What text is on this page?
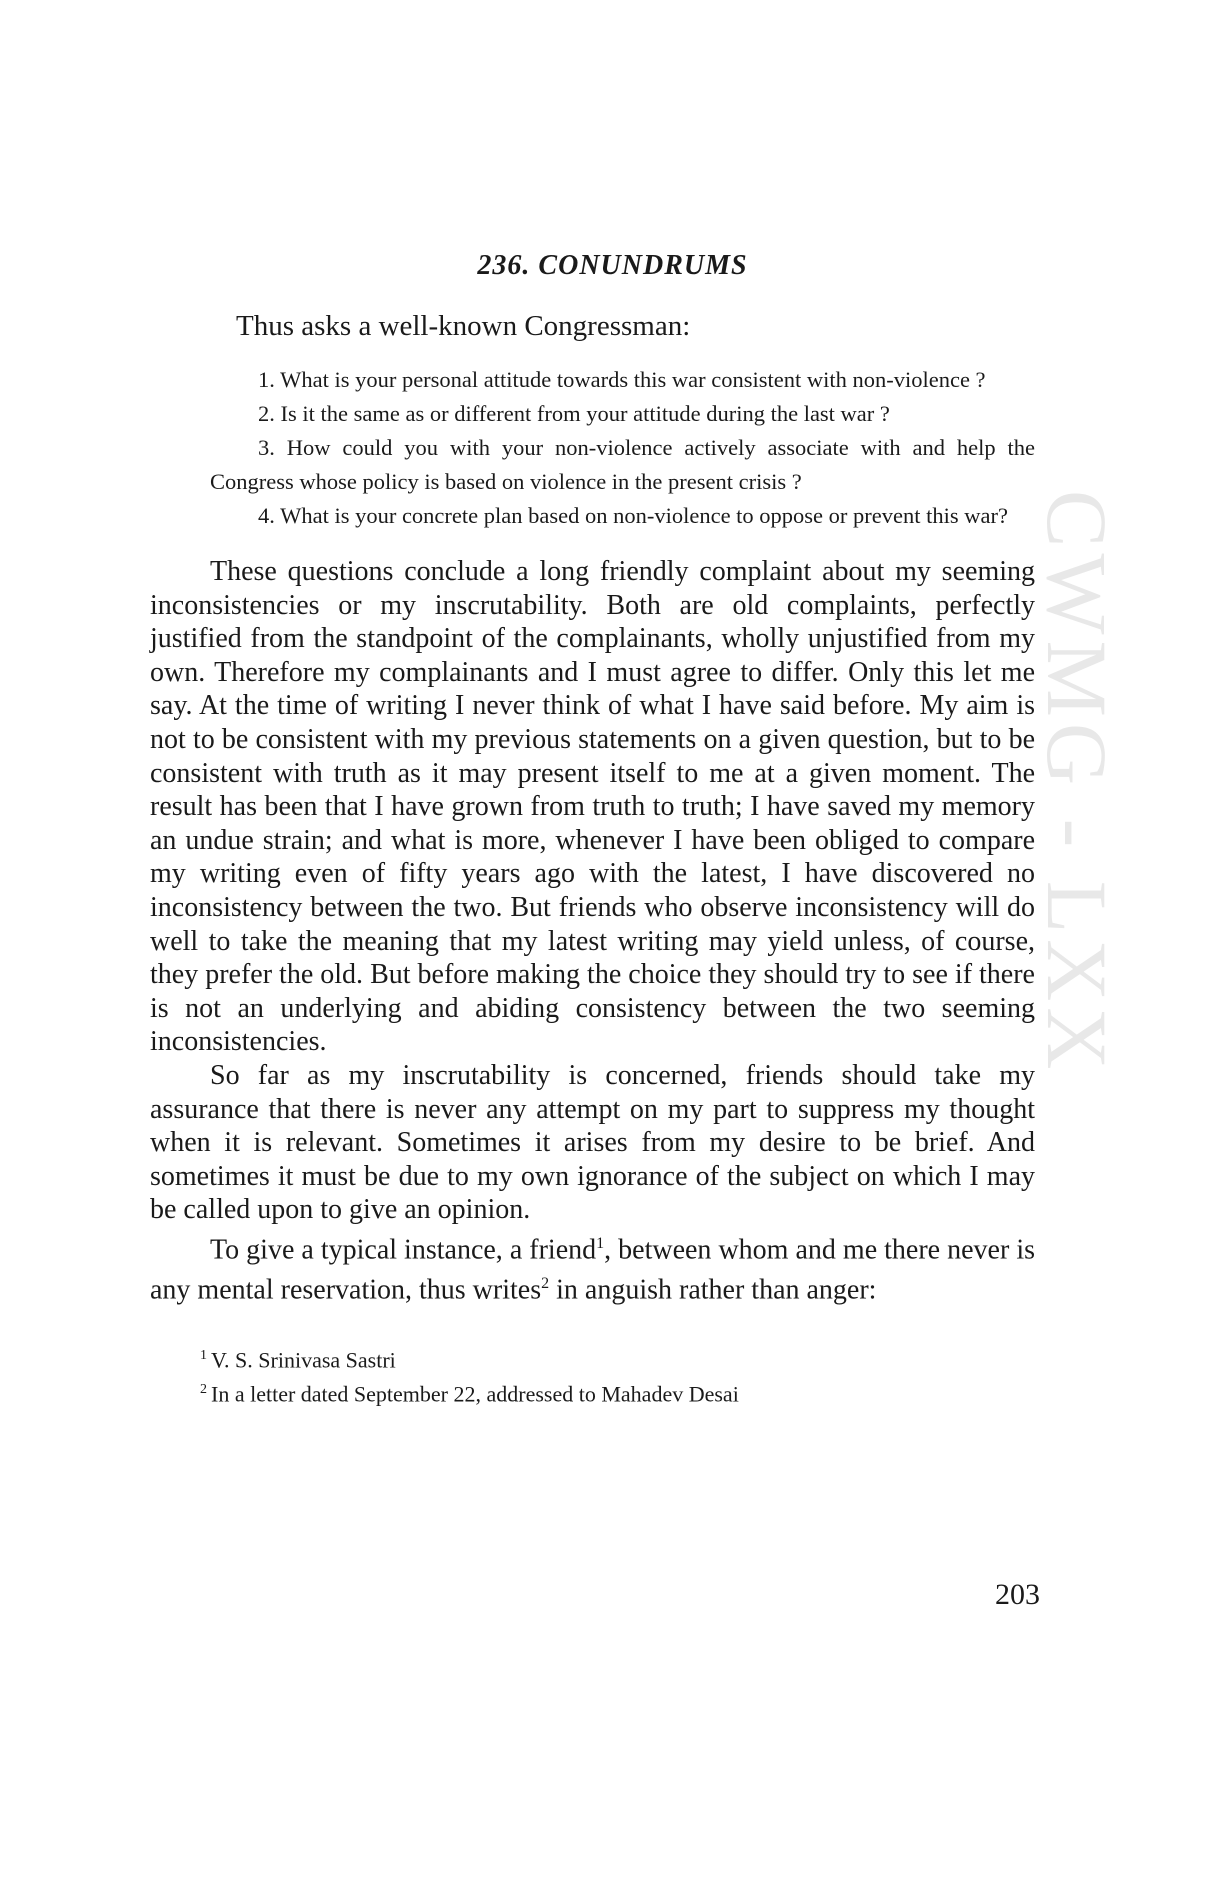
236. CONUNDRUMS

Thus asks a well-known Congressman:

1. What is your personal attitude towards this war consistent with non-violence ?

2. Is it the same as or different from your attitude during the last war ?

3. How could you with your non-violence actively associate with and help the Congress whose policy is based on violence in the present crisis ?

4. What is your concrete plan based on non-violence to oppose or prevent this war?

These questions conclude a long friendly complaint about my seeming inconsistencies or my inscrutability. Both are old complaints, perfectly justified from the standpoint of the complainants, wholly unjustified from my own. Therefore my complainants and I must agree to differ. Only this let me say. At the time of writing I never think of what I have said before. My aim is not to be consistent with my previous statements on a given question, but to be consistent with truth as it may present itself to me at a given moment. The result has been that I have grown from truth to truth; I have saved my memory an undue strain; and what is more, whenever I have been obliged to compare my writing even of fifty years ago with the latest, I have discovered no inconsistency between the two. But friends who observe inconsistency will do well to take the meaning that my latest writing may yield unless, of course, they prefer the old. But before making the choice they should try to see if there is not an underlying and abiding consistency between the two seeming inconsistencies.

So far as my inscrutability is concerned, friends should take my assurance that there is never any attempt on my part to suppress my thought when it is relevant. Sometimes it arises from my desire to be brief. And sometimes it must be due to my own ignorance of the subject on which I may be called upon to give an opinion.

To give a typical instance, a friend$^1$, between whom and me there never is any mental reservation, thus writes$^2$ in anguish rather than anger:

$^1$ V. S. Srinivasa Sastri
$^2$ In a letter dated September 22, addressed to Mahadev Desai
203
CWMG - LXX
